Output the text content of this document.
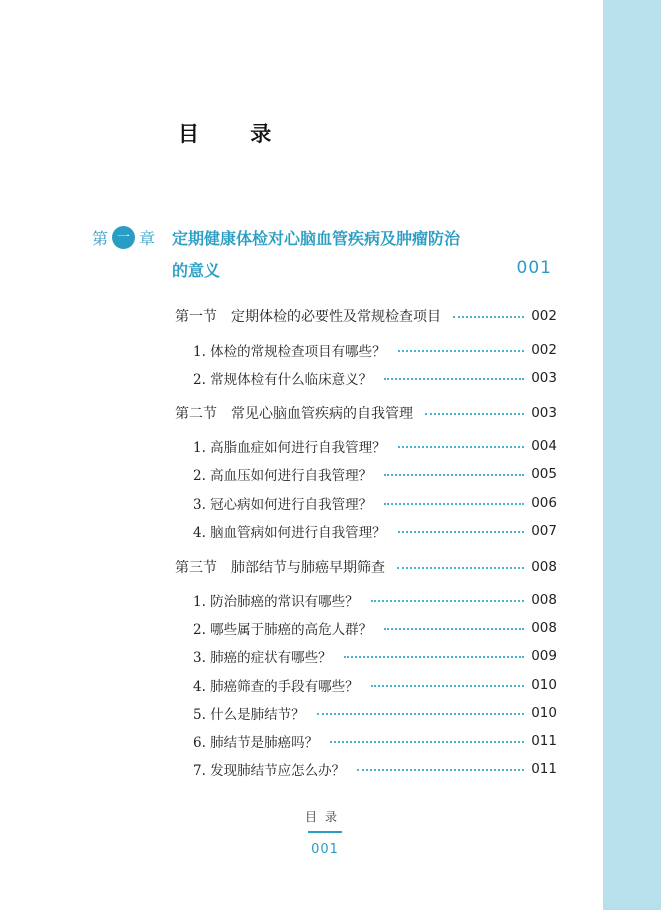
目 录
第 一 章 定期健康体检对心脑血管疾病及肿瘤防治
的意义	001
第一节　定期体检的必要性及常规检查项目	002
1. 体检的常规检查项目有哪些？	002
2. 常规体检有什么临床意义？	003
第二节　常见心脑血管疾病的自我管理	003
1. 高脂血症如何进行自我管理？	004
2. 高血压如何进行自我管理？	005
3. 冠心病如何进行自我管理？	006
4. 脑血管病如何进行自我管理？	007
第三节　肺部结节与肺癌早期筛查	008
1. 防治肺癌的常识有哪些？	008
2. 哪些属于肺癌的高危人群？	008
3. 肺癌的症状有哪些？	009
4. 肺癌筛查的手段有哪些？	010
5. 什么是肺结节？	010
6. 肺结节是肺癌吗？	011
7. 发现肺结节应怎么办？	011
目录
001
